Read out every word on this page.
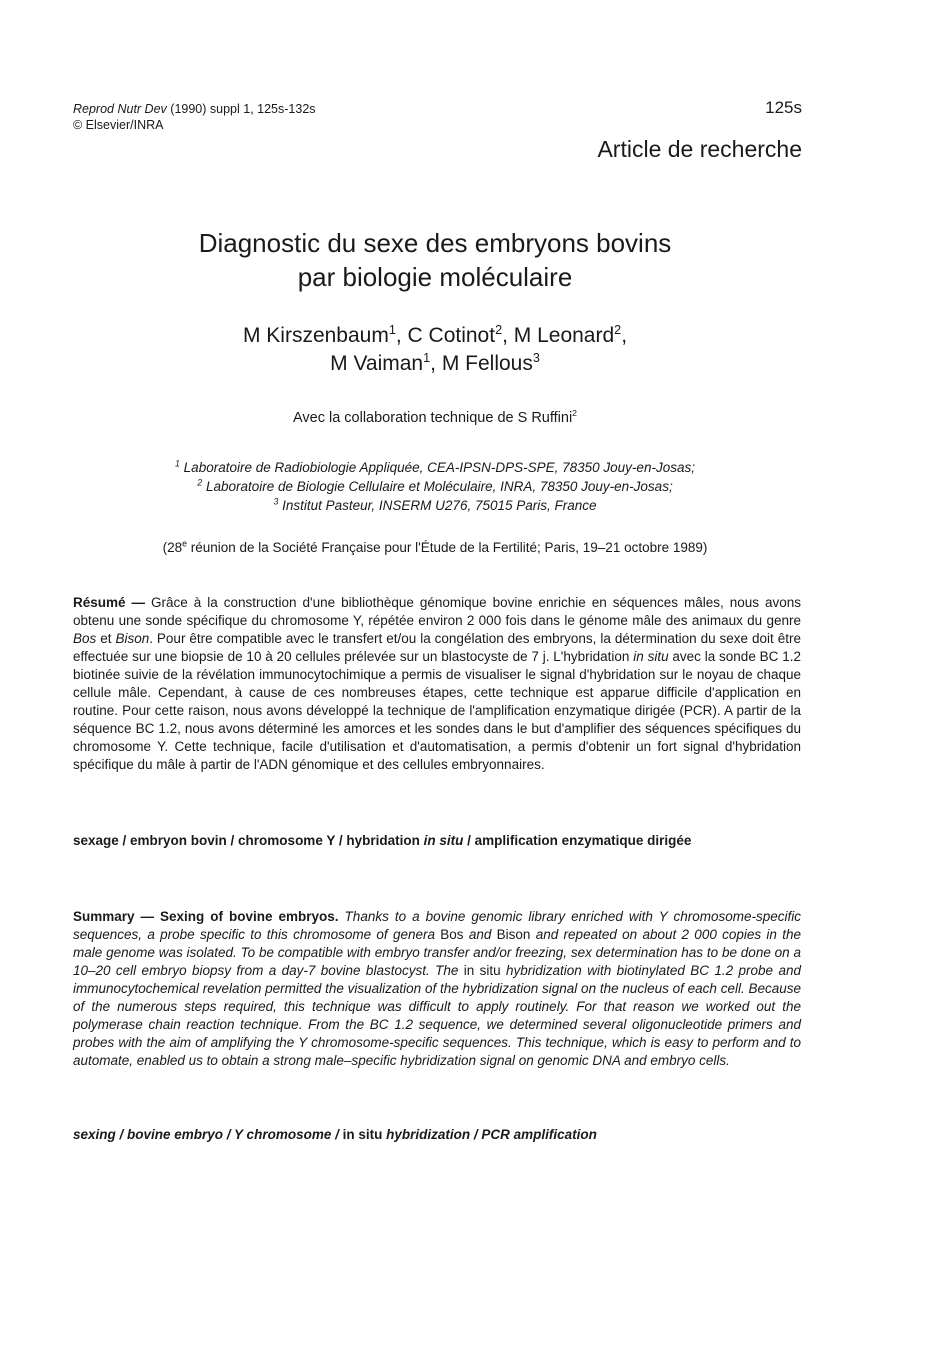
Reprod Nutr Dev (1990) suppl 1, 125s-132s
© Elsevier/INRA
125s
Article de recherche
Diagnostic du sexe des embryons bovins
par biologie moléculaire
M Kirszenbaum$^1$, C Cotinot$^2$, M Leonard$^2$,
M Vaiman$^1$, M Fellous$^3$
Avec la collaboration technique de S Ruffini$^2$
$^1$ Laboratoire de Radiobiologie Appliquée, CEA-IPSN-DPS-SPE, 78350 Jouy-en-Josas;
$^2$ Laboratoire de Biologie Cellulaire et Moléculaire, INRA, 78350 Jouy-en-Josas;
$^3$ Institut Pasteur, INSERM U276, 75015 Paris, France
(28e réunion de la Société Française pour l'Étude de la Fertilité; Paris, 19–21 octobre 1989)
Résumé — Grâce à la construction d'une bibliothèque génomique bovine enrichie en séquences mâles, nous avons obtenu une sonde spécifique du chromosome Y, répétée environ 2 000 fois dans le génome mâle des animaux du genre Bos et Bison. Pour être compatible avec le transfert et/ou la congélation des embryons, la détermination du sexe doit être effectuée sur une biopsie de 10 à 20 cellules prélevée sur un blastocyste de 7 j. L'hybridation in situ avec la sonde BC 1.2 biotinée suivie de la révélation immunocytochimique a permis de visualiser le signal d'hybridation sur le noyau de chaque cellule mâle. Cependant, à cause de ces nombreuses étapes, cette technique est apparue difficile d'application en routine. Pour cette raison, nous avons développé la technique de l'amplification enzymatique dirigée (PCR). A partir de la séquence BC 1.2, nous avons déterminé les amorces et les sondes dans le but d'amplifier des séquences spécifiques du chromosome Y. Cette technique, facile d'utilisation et d'automatisation, a permis d'obtenir un fort signal d'hybridation spécifique du mâle à partir de l'ADN génomique et des cellules embryonnaires.
sexage / embryon bovin / chromosome Y / hybridation in situ / amplification enzymatique dirigée
Summary — Sexing of bovine embryos. Thanks to a bovine genomic library enriched with Y chromosome-specific sequences, a probe specific to this chromosome of genera Bos and Bison and repeated on about 2 000 copies in the male genome was isolated. To be compatible with embryo transfer and/or freezing, sex determination has to be done on a 10–20 cell embryo biopsy from a day-7 bovine blastocyst. The in situ hybridization with biotinylated BC 1.2 probe and immunocytochemical revelation permitted the visualization of the hybridization signal on the nucleus of each cell. Because of the numerous steps required, this technique was difficult to apply routinely. For that reason we worked out the polymerase chain reaction technique. From the BC 1.2 sequence, we determined several oligonucleotide primers and probes with the aim of amplifying the Y chromosome-specific sequences. This technique, which is easy to perform and to automate, enabled us to obtain a strong male–specific hybridization signal on genomic DNA and embryo cells.
sexing / bovine embryo / Y chromosome / in situ hybridization / PCR amplification
